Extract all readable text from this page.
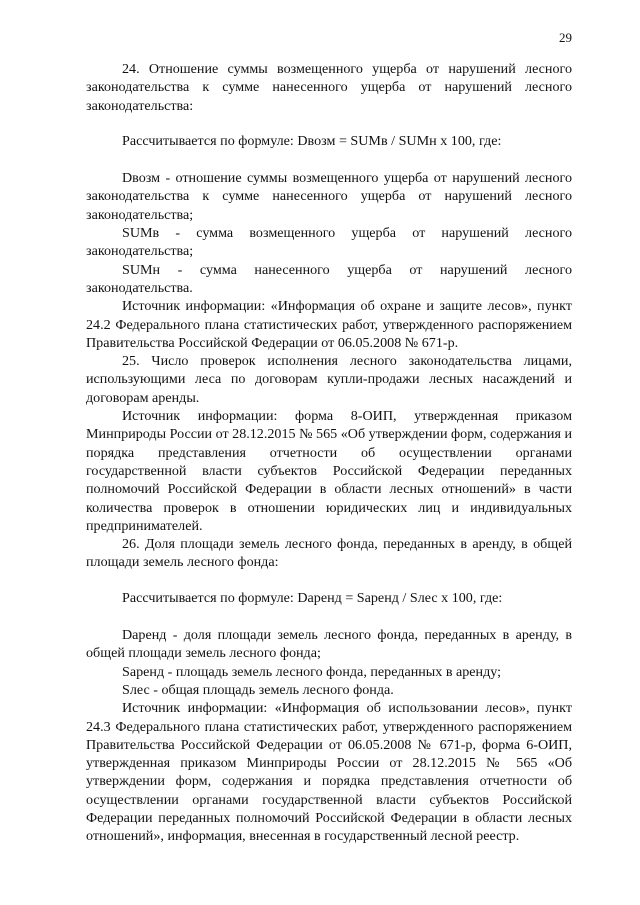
29

24. Отношение суммы возмещенного ущерба от нарушений лесного законодательства к сумме нанесенного ущерба от нарушений лесного законодательства:

Рассчитывается по формуле: Dвозм = SUMв / SUMн х 100, где:

Dвозм - отношение суммы возмещенного ущерба от нарушений лесного законодательства к сумме нанесенного ущерба от нарушений лесного законодательства;

SUMв - сумма возмещенного ущерба от нарушений лесного законодательства;

SUMн - сумма нанесенного ущерба от нарушений лесного законодательства.

Источник информации: «Информация об охране и защите лесов», пункт 24.2 Федерального плана статистических работ, утвержденного распоряжением Правительства Российской Федерации от 06.05.2008 № 671-р.

25. Число проверок исполнения лесного законодательства лицами, использующими леса по договорам купли-продажи лесных насаждений и договорам аренды.

Источник информации: форма 8-ОИП, утвержденная приказом Минприроды России от 28.12.2015 № 565 «Об утверждении форм, содержания и порядка представления отчетности об осуществлении органами государственной власти субъектов Российской Федерации переданных полномочий Российской Федерации в области лесных отношений» в части количества проверок в отношении юридических лиц и индивидуальных предпринимателей.

26. Доля площади земель лесного фонда, переданных в аренду, в общей площади земель лесного фонда:

Рассчитывается по формуле: Dаренд = Sаренд / Sлес х 100, где:

Dаренд - доля площади земель лесного фонда, переданных в аренду, в общей площади земель лесного фонда;

Sаренд - площадь земель лесного фонда, переданных в аренду;

Sлес - общая площадь земель лесного фонда.

Источник информации: «Информация об использовании лесов», пункт 24.3 Федерального плана статистических работ, утвержденного распоряжением Правительства Российской Федерации от 06.05.2008 № 671-р, форма 6-ОИП, утвержденная приказом Минприроды России от 28.12.2015 № 565 «Об утверждении форм, содержания и порядка представления отчетности об осуществлении органами государственной власти субъектов Российской Федерации переданных полномочий Российской Федерации в области лесных отношений», информация, внесенная в государственный лесной реестр.
